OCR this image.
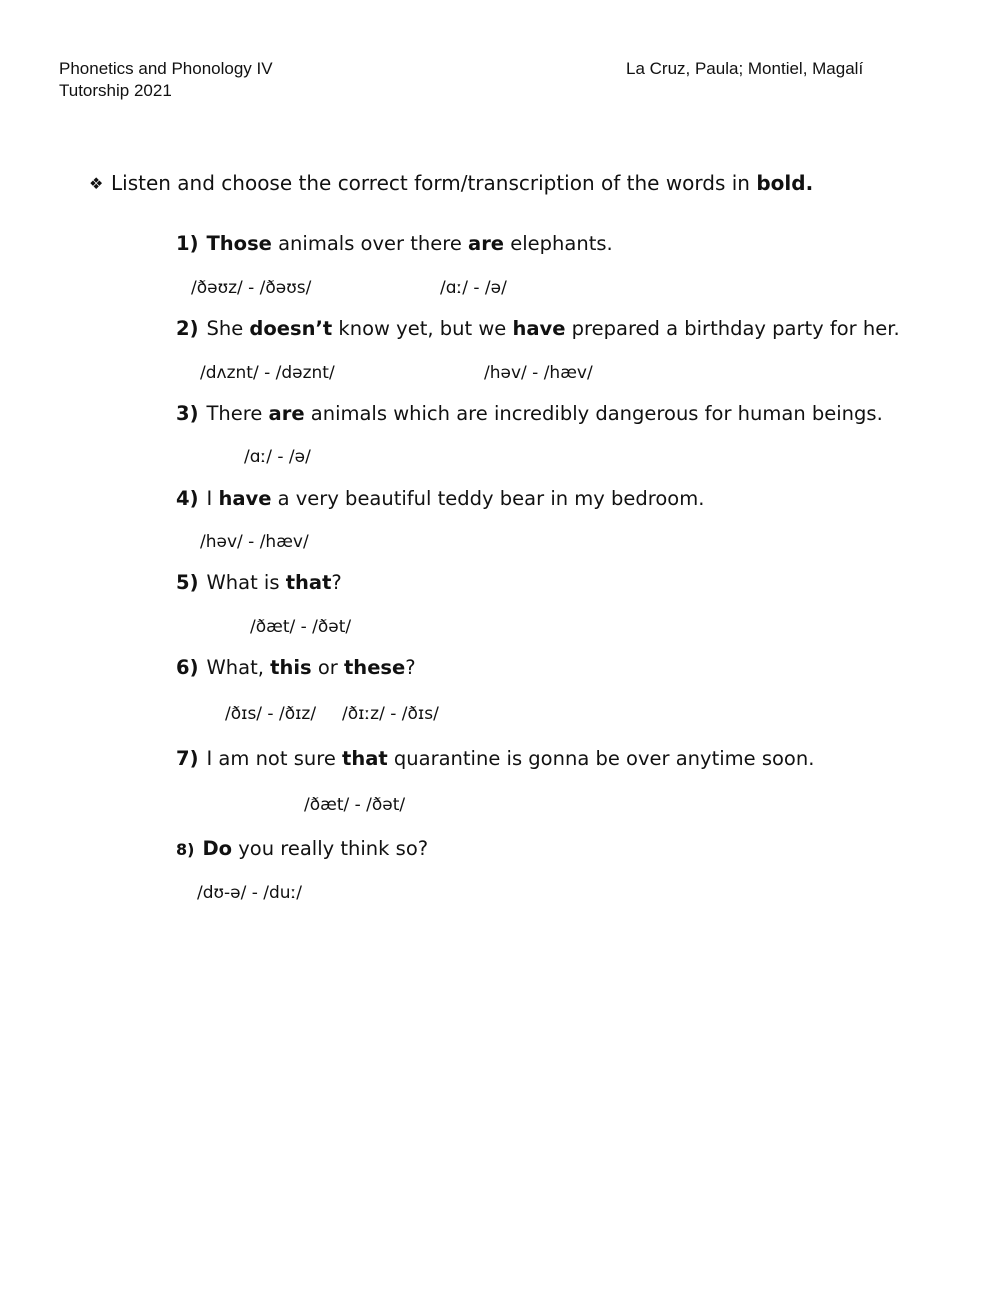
Phonetics and Phonology IV
Tutorship 2021
La Cruz, Paula; Montiel, Magalí
❖ Listen and choose the correct form/transcription of the words in bold.
1) Those animals over there are elephants.
/ðəʊz/ - /ðəʊs/	/ɑː/ - /ə/
2) She doesn’t know yet, but we have prepared a birthday party for her.
/dʌznt/ - /dəznt/	/həv/ - /hæv/
3) There are animals which are incredibly dangerous for human beings.
/ɑː/ - /ə/
4) I have a very beautiful teddy bear in my bedroom.
/həv/ - /hæv/
5) What is that?
/ðæt/ - /ðət/
6) What, this or these?
/ðɪs/ - /ðɪz/ /ðɪːz/ - /ðɪs/
7) I am not sure that quarantine is gonna be over anytime soon.
/ðæt/ - /ðət/
8) Do you really think so?
/dʊ-ə/ - /duː/
